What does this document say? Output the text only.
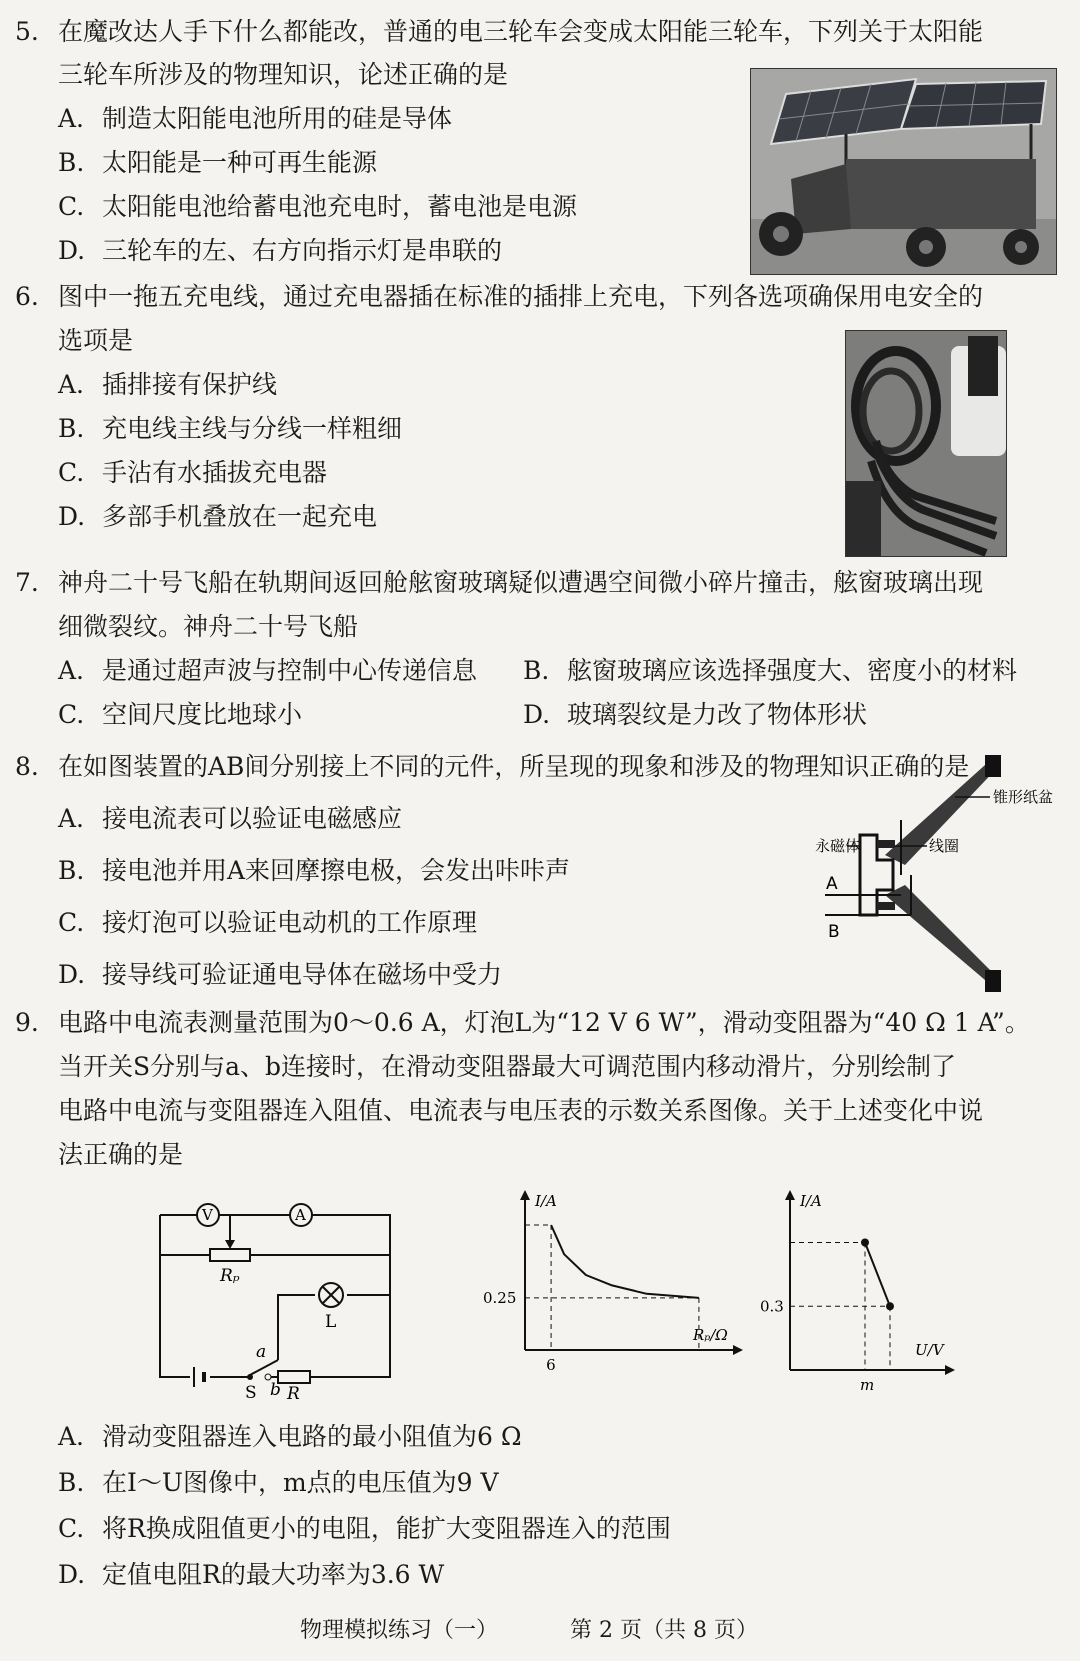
5. 在魔改达人手下什么都能改，普通的电三轮车会变成太阳能三轮车，下列关于太阳能
三轮车所涉及的物理知识，论述正确的是
A. 制造太阳能电池所用的硅是导体
B. 太阳能是一种可再生能源
C. 太阳能电池给蓄电池充电时，蓄电池是电源
D. 三轮车的左、右方向指示灯是串联的
6. 图中一拖五充电线，通过充电器插在标准的插排上充电，下列各选项确保用电安全的
选项是
A. 插排接有保护线
B. 充电线主线与分线一样粗细
C. 手沾有水插拔充电器
D. 多部手机叠放在一起充电
7. 神舟二十号飞船在轨期间返回舱舷窗玻璃疑似遭遇空间微小碎片撞击，舷窗玻璃出现
细微裂纹。神舟二十号飞船
A. 是通过超声波与控制中心传递信息 B. 舷窗玻璃应该选择强度大、密度小的材料
C. 空间尺度比地球小	D. 玻璃裂纹是力改了物体形状
8. 在如图装置的AB间分别接上不同的元件，所呈现的现象和涉及的物理知识正确的是
A. 接电流表可以验证电磁感应
B. 接电池并用A来回摩擦电极，会发出咔咔声
C. 接灯泡可以验证电动机的工作原理
D. 接导线可验证通电导体在磁场中受力
锥形纸盆
永磁体	线圈
A
B
9. 电路中电流表测量范围为0～0.6 A，灯泡L为“12 V 6 W”，滑动变阻器为“40 Ω 1 A”。
当开关S分别与a、b连接时，在滑动变阻器最大可调范围内移动滑片，分别绘制了
电路中电流与变阻器连入阻值、电流表与电压表的示数关系图像。关于上述变化中说
法正确的是
V	A
Rₚ
L
a
b
S R
I/A
Rₚ/Ω
6
0.25
I/A
U/V
m
0.3
A. 滑动变阻器连入电路的最小阻值为6 Ω
B. 在I～U图像中，m点的电压值为9 V
C. 将R换成阻值更小的电阻，能扩大变阻器连入的范围
D. 定值电阻R的最大功率为3.6 W
物理模拟练习（一）	第 2 页（共 8 页）
